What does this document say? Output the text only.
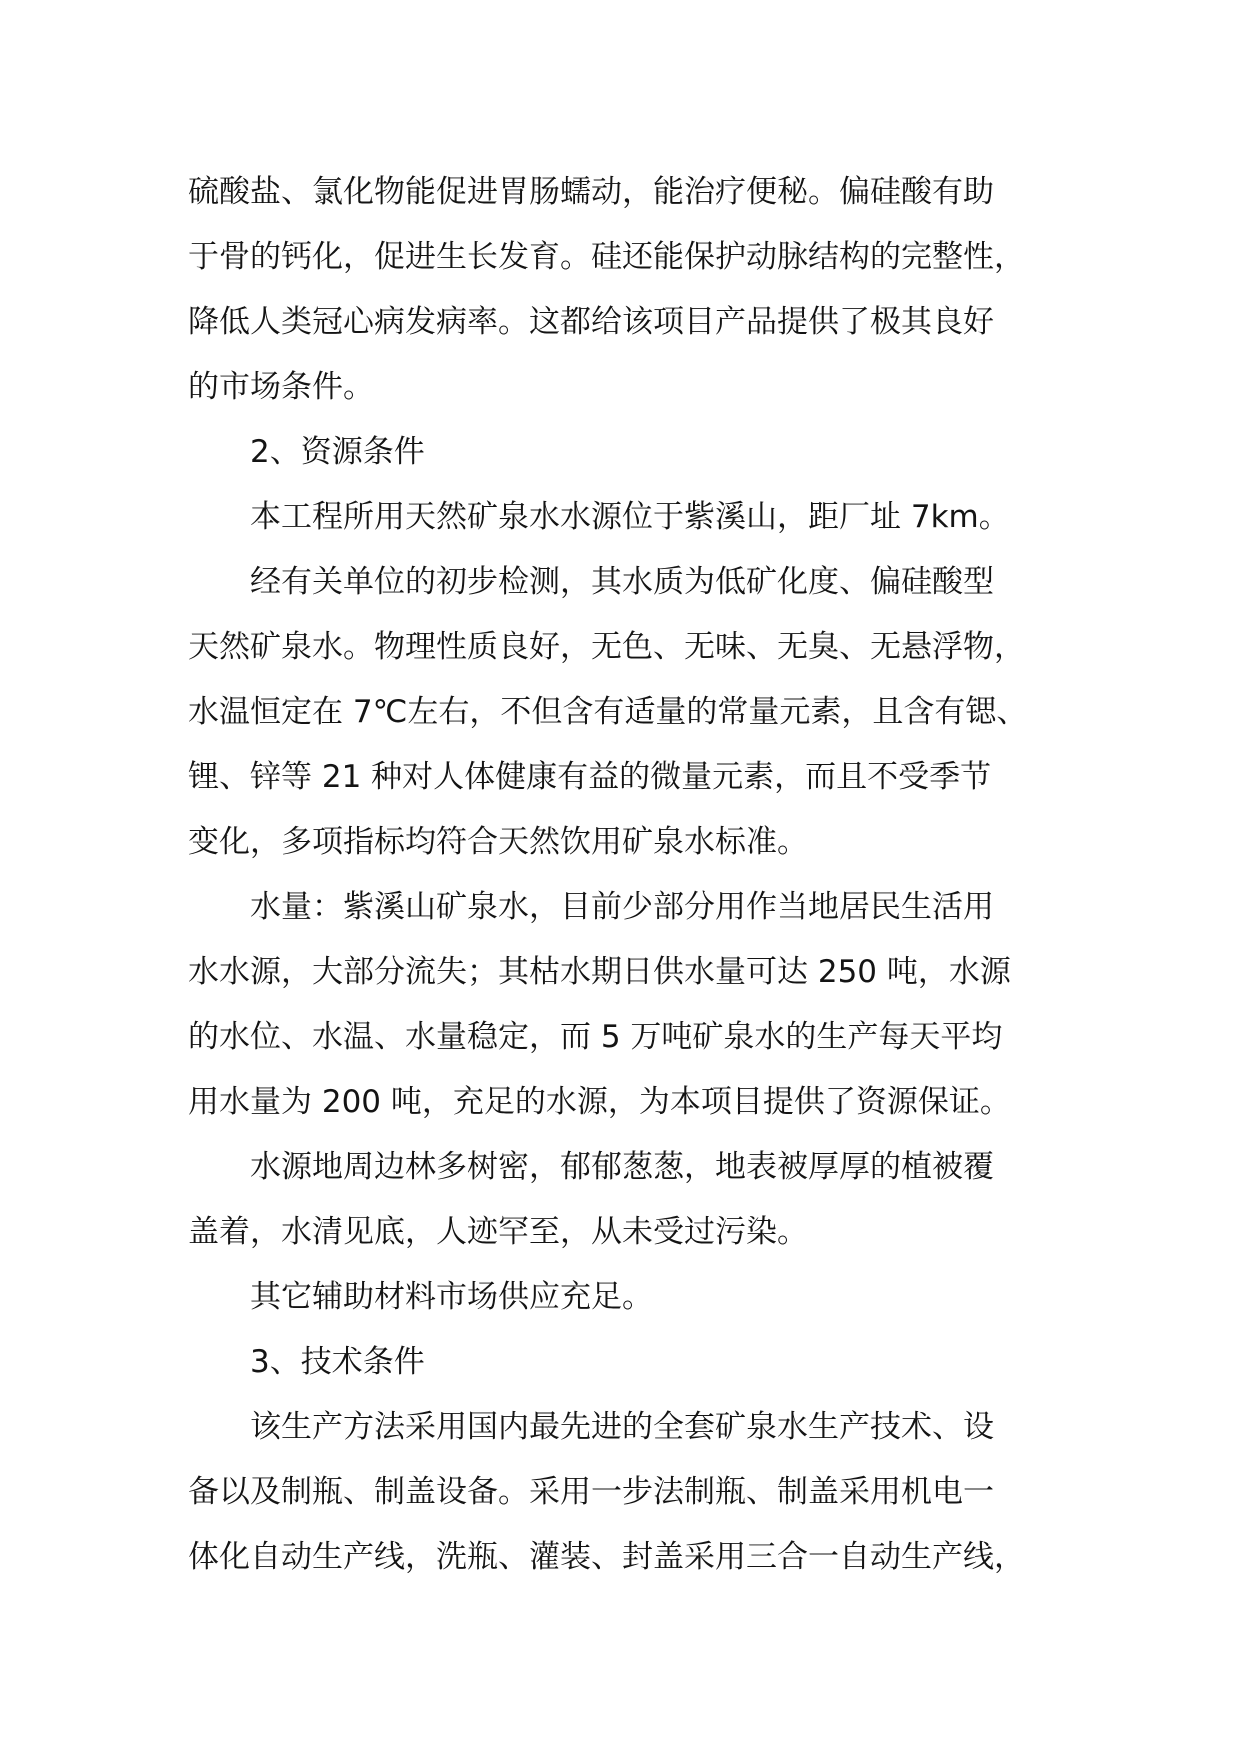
硫酸盐、氯化物能促进胃肠蠕动，能治疗便秘。偏硅酸有助
于骨的钙化，促进生长发育。硅还能保护动脉结构的完整性，
降低人类冠心病发病率。这都给该项目产品提供了极其良好
的市场条件。
2、资源条件
本工程所用天然矿泉水水源位于紫溪山，距厂址 7km。
经有关单位的初步检测，其水质为低矿化度、偏硅酸型
天然矿泉水。物理性质良好，无色、无味、无臭、无悬浮物，
水温恒定在 7℃左右，不但含有适量的常量元素，且含有锶、
锂、锌等 21 种对人体健康有益的微量元素，而且不受季节
变化，多项指标均符合天然饮用矿泉水标准。
水量：紫溪山矿泉水，目前少部分用作当地居民生活用
水水源，大部分流失；其枯水期日供水量可达 250 吨，水源
的水位、水温、水量稳定，而 5 万吨矿泉水的生产每天平均
用水量为 200 吨，充足的水源，为本项目提供了资源保证。
水源地周边林多树密，郁郁葱葱，地表被厚厚的植被覆
盖着，水清见底，人迹罕至，从未受过污染。
其它辅助材料市场供应充足。
3、技术条件
该生产方法采用国内最先进的全套矿泉水生产技术、设
备以及制瓶、制盖设备。采用一步法制瓶、制盖采用机电一
体化自动生产线，洗瓶、灌装、封盖采用三合一自动生产线，
